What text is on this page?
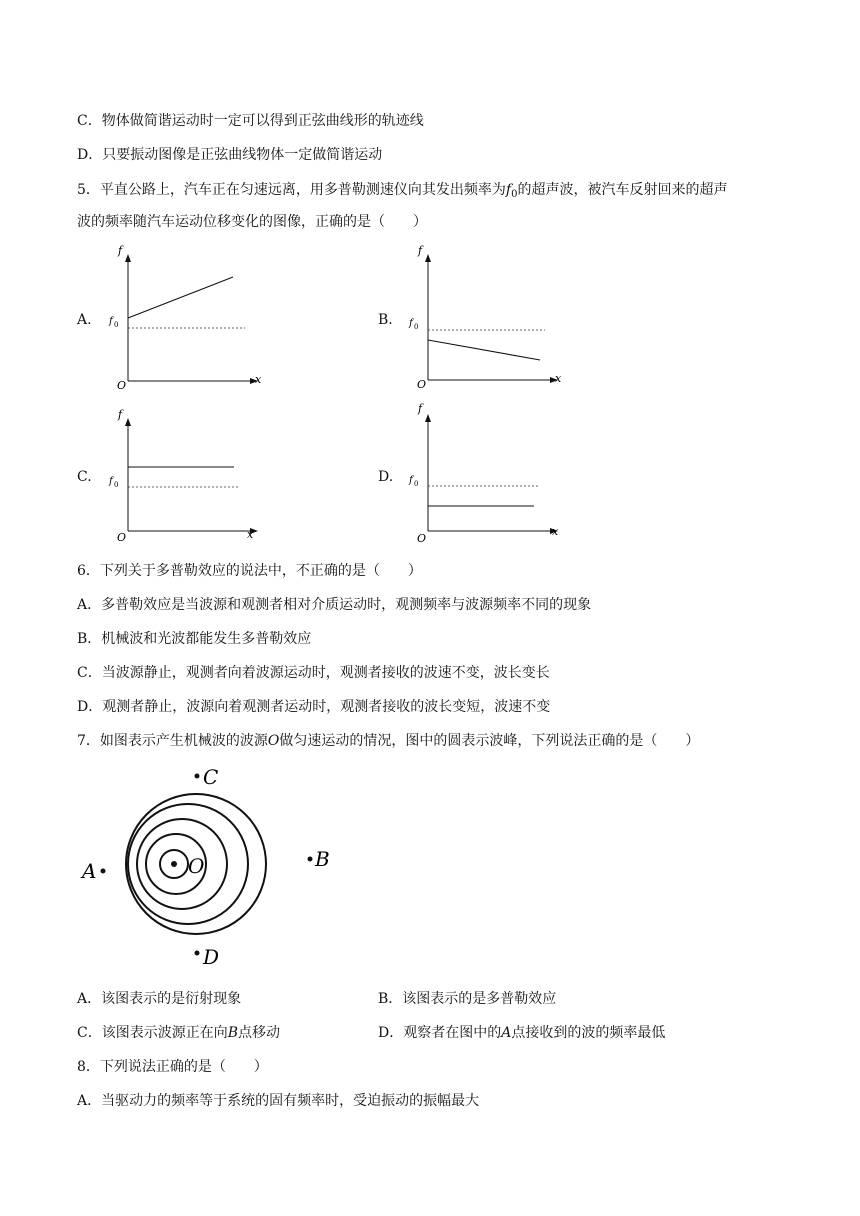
C．物体做简谐运动时一定可以得到正弦曲线形的轨迹线
D．只要振动图像是正弦曲线物体一定做简谐运动
5．平直公路上，汽车正在匀速远离，用多普勒测速仪向其发出频率为$f_0$的超声波，被汽车反射回来的超声
波的频率随汽车运动位移变化的图像，正确的是（　　）
A.
f
x
O
f 0	B.
f
x
O
f 0
C.
f
x
O
f 0	D.
f
x
O
f 0
6．下列关于多普勒效应的说法中，不正确的是（　　）
A．多普勒效应是当波源和观测者相对介质运动时，观测频率与波源频率不同的现象
B．机械波和光波都能发生多普勒效应
C．当波源静止，观测者向着波源运动时，观测者接收的波速不变，波长变长
D．观测者静止，波源向着观测者运动时，观测者接收的波长变短，波速不变
7．如图表示产生机械波的波源O做匀速运动的情况，图中的圆表示波峰，下列说法正确的是（　　）
O
C
B
A
D
A．该图表示的是衍射现象	B．该图表示的是多普勒效应
C．该图表示波源正在向B点移动	D．观察者在图中的A点接收到的波的频率最低
8．下列说法正确的是（　　）
A．当驱动力的频率等于系统的固有频率时，受迫振动的振幅最大
